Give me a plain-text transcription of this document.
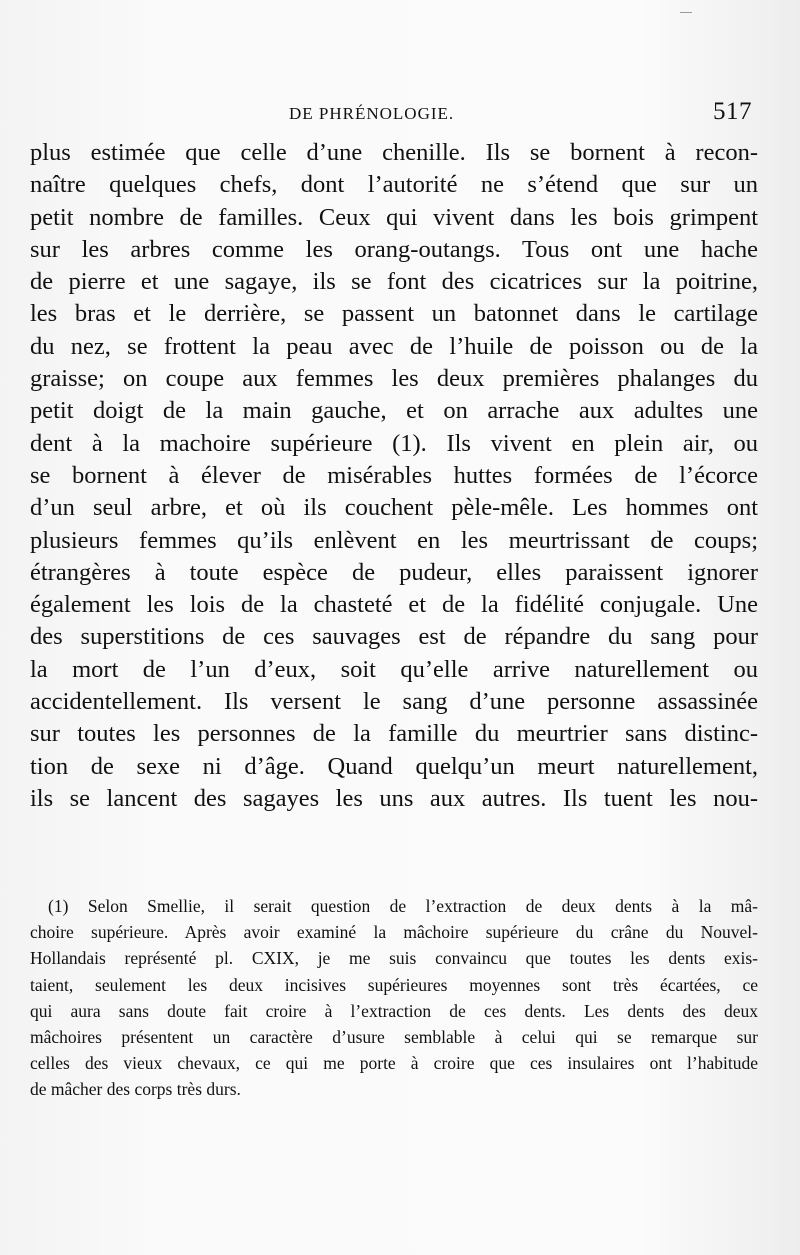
DE PHRÉNOLOGIE.	517
plus estimée que celle d’une chenille. Ils se bornent à recon-
naître quelques chefs, dont l’autorité ne s’étend que sur un
petit nombre de familles. Ceux qui vivent dans les bois grimpent
sur les arbres comme les orang-outangs. Tous ont une hache
de pierre et une sagaye, ils se font des cicatrices sur la poitrine,
les bras et le derrière, se passent un batonnet dans le cartilage
du nez, se frottent la peau avec de l’huile de poisson ou de la
graisse; on coupe aux femmes les deux premières phalanges du
petit doigt de la main gauche, et on arrache aux adultes une
dent à la machoire supérieure (1). Ils vivent en plein air, ou
se bornent à élever de misérables huttes formées de l’écorce
d’un seul arbre, et où ils couchent pèle-mêle. Les hommes ont
plusieurs femmes qu’ils enlèvent en les meurtrissant de coups;
étrangères à toute espèce de pudeur, elles paraissent ignorer
également les lois de la chasteté et de la fidélité conjugale. Une
des superstitions de ces sauvages est de répandre du sang pour
la mort de l’un d’eux, soit qu’elle arrive naturellement ou
accidentellement. Ils versent le sang d’une personne assassinée
sur toutes les personnes de la famille du meurtrier sans distinc-
tion de sexe ni d’âge. Quand quelqu’un meurt naturellement,
ils se lancent des sagayes les uns aux autres. Ils tuent les nou-
(1) Selon Smellie, il serait question de l’extraction de deux dents à la mâ-
choire supérieure. Après avoir examiné la mâchoire supérieure du crâne du Nouvel-
Hollandais représenté pl. CXIX, je me suis convaincu que toutes les dents exis-
taient, seulement les deux incisives supérieures moyennes sont très écartées, ce
qui aura sans doute fait croire à l’extraction de ces dents. Les dents des deux
mâchoires présentent un caractère d’usure semblable à celui qui se remarque sur
celles des vieux chevaux, ce qui me porte à croire que ces insulaires ont l’habitude
de mâcher des corps très durs.
